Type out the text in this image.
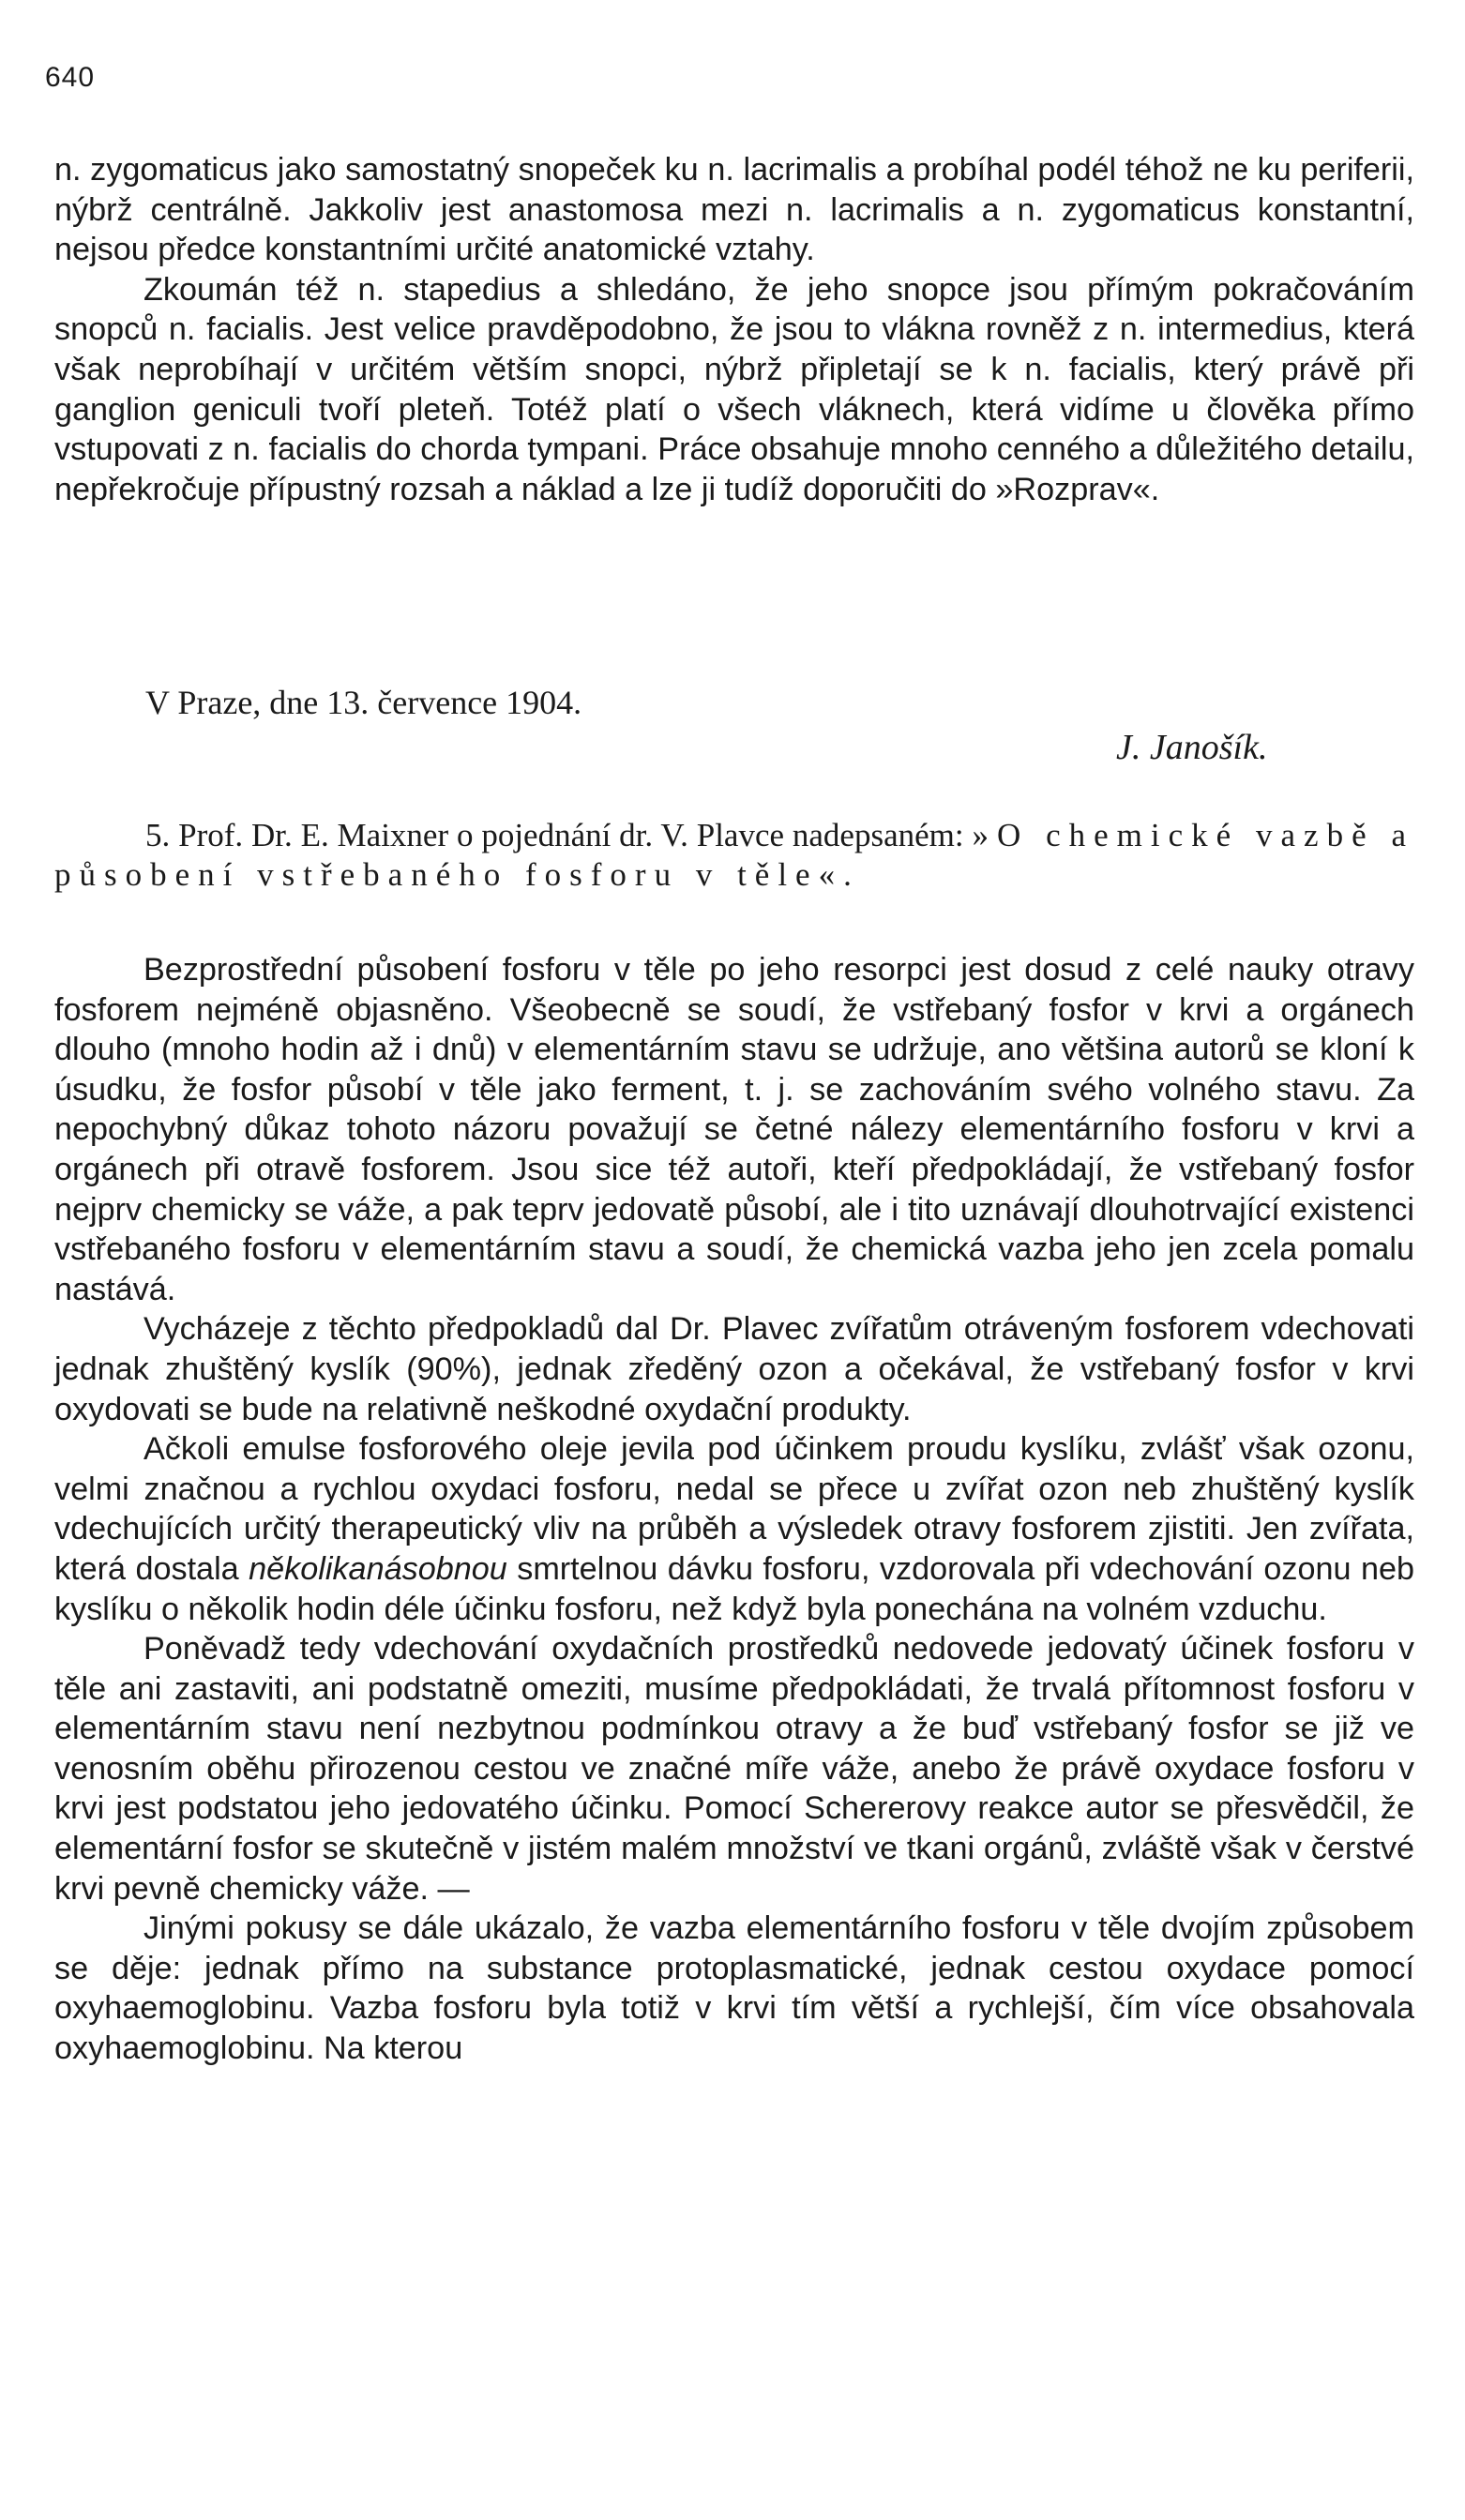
640

n. zygomaticus jako samostatný snopeček ku n. lacrimalis a probíhal podél téhož ne ku periferii, nýbrž centrálně. Jakkoliv jest anastomosa mezi n. lacrimalis a n. zygomaticus konstantní, nejsou předce konstantními určité anatomické vztahy.

Zkoumán též n. stapedius a shledáno, že jeho snopce jsou přímým pokračováním snopců n. facialis. Jest velice pravděpodobno, že jsou to vlákna rovněž z n. intermedius, která však neprobíhají v určitém větším snopci, nýbrž připletají se k n. facialis, který právě při ganglion geniculi tvoří pleteň. Totéž platí o všech vláknech, která vidíme u člověka přímo vstupovati z n. facialis do chorda tympani. Práce obsahuje mnoho cenného a důležitého detailu, nepřekročuje přípustný rozsah a náklad a lze ji tudíž doporučiti do »Rozprav«.

V Praze, dne 13. července 1904.
J. Janošík.
5. Prof. Dr. E. Maixner o pojednání dr. V. Plavce nadepsaném: »O chemické vazbě a působení vstřebaného fosforu v těle«.

Bezprostřední působení fosforu v těle po jeho resorpci jest dosud z celé nauky otravy fosforem nejméně objasněno. Všeobecně se soudí, že vstřebaný fosfor v krvi a orgánech dlouho (mnoho hodin až i dnů) v elementárním stavu se udržuje, ano většina autorů se kloní k úsudku, že fosfor působí v těle jako ferment, t. j. se zachováním svého volného stavu. Za nepochybný důkaz tohoto názoru považují se četné nálezy elementárního fosforu v krvi a orgánech při otravě fosforem. Jsou sice též autoři, kteří předpokládají, že vstřebaný fosfor nejprv chemicky se váže, a pak teprv jedovatě působí, ale i tito uznávají dlouhotrvající existenci vstřebaného fosforu v elementárním stavu a soudí, že chemická vazba jeho jen zcela pomalu nastává.

Vycházeje z těchto předpokladů dal Dr. Plavec zvířatům otráveným fosforem vdechovati jednak zhuštěný kyslík (90%), jednak zředěný ozon a očekával, že vstřebaný fosfor v krvi oxydovati se bude na relativně neškodné oxydační produkty.

Ačkoli emulse fosforového oleje jevila pod účinkem proudu kyslíku, zvlášť však ozonu, velmi značnou a rychlou oxydaci fosforu, nedal se přece u zvířat ozon neb zhuštěný kyslík vdechujících určitý therapeutický vliv na průběh a výsledek otravy fosforem zjistiti. Jen zvířata, která dostala několikanásobnou smrtelnou dávku fosforu, vzdorovala při vdechování ozonu neb kyslíku o několik hodin déle účinku fosforu, než když byla ponechána na volném vzduchu.

Poněvadž tedy vdechování oxydačních prostředků nedovede jedovatý účinek fosforu v těle ani zastaviti, ani podstatně omeziti, musíme předpokládati, že trvalá přítomnost fosforu v elementárním stavu není nezbytnou podmínkou otravy a že buď vstřebaný fosfor se již ve venosním oběhu přirozenou cestou ve značné míře váže, anebo že právě oxydace fosforu v krvi jest podstatou jeho jedovatého účinku. Pomocí Schererovy reakce autor se přesvědčil, že elementární fosfor se skutečně v jistém malém množství ve tkani orgánů, zvláště však v čerstvé krvi pevně chemicky váže. —

Jinými pokusy se dále ukázalo, že vazba elementárního fosforu v těle dvojím způsobem se děje: jednak přímo na substance protoplasmatické, jednak cestou oxydace pomocí oxyhaemoglobinu. Vazba fosforu byla totiž v krvi tím větší a rychlejší, čím více obsahovala oxyhaemoglobinu. Na kterou
